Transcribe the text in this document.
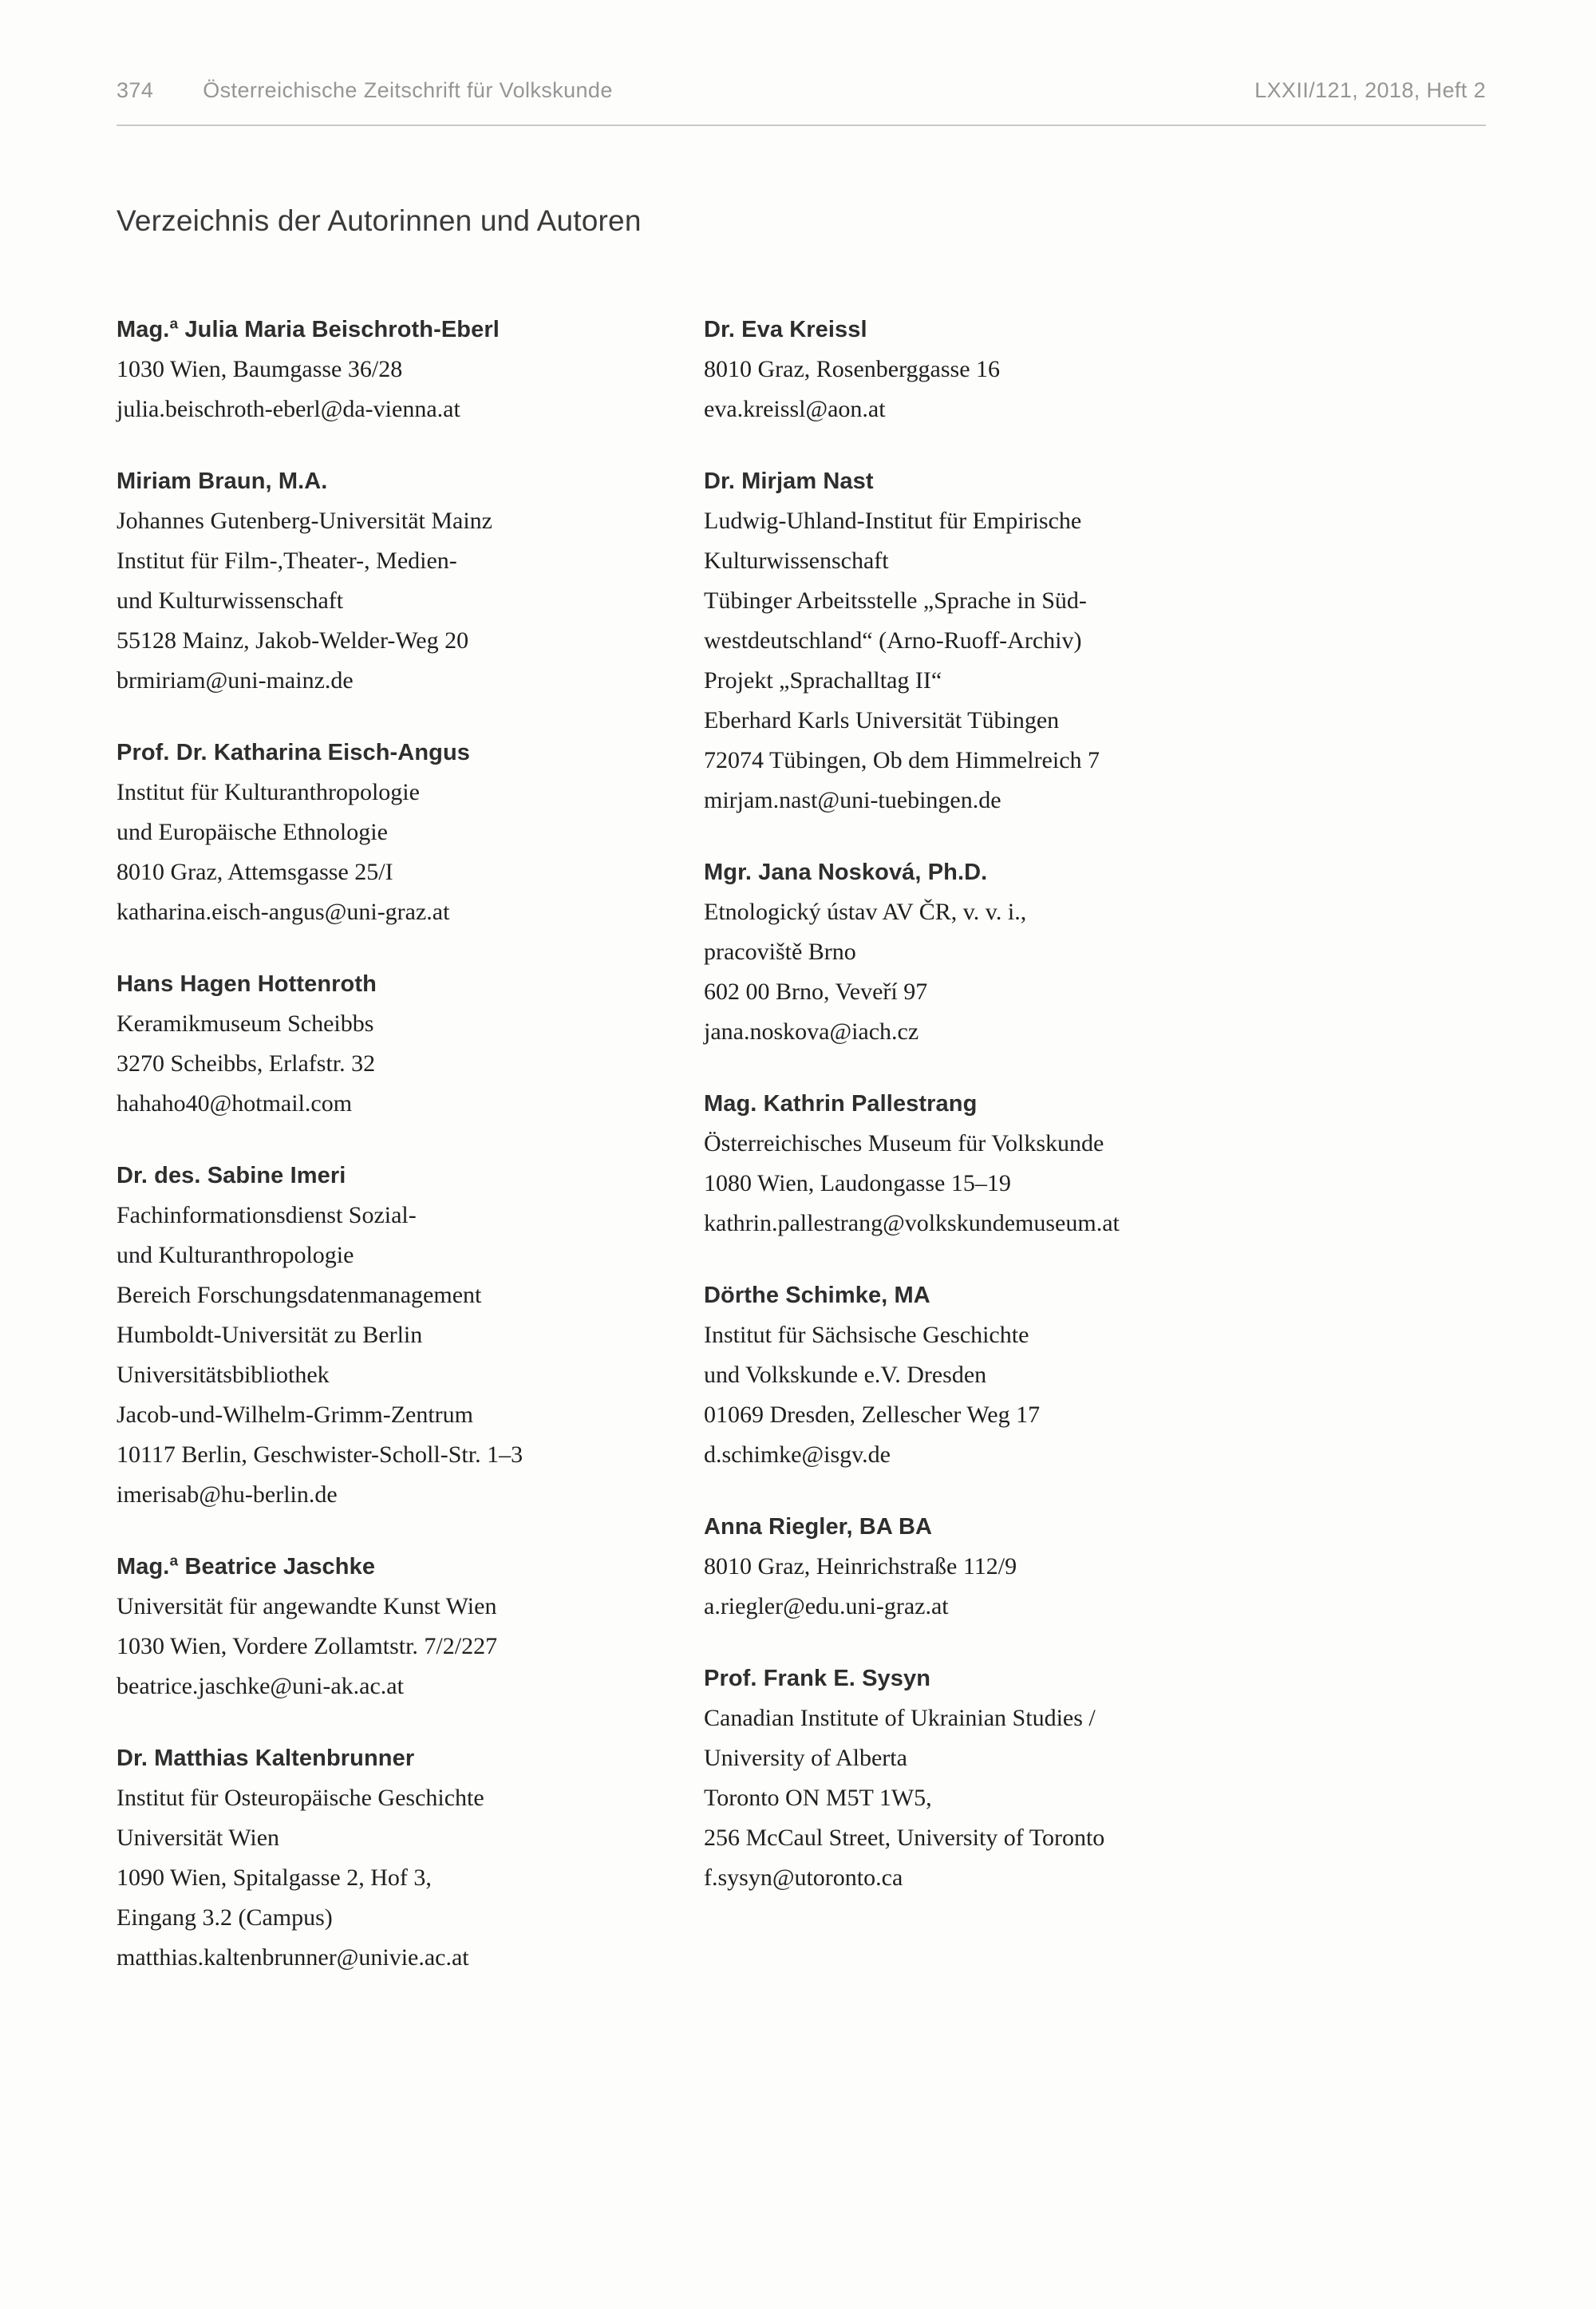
374 Österreichische Zeitschrift für Volkskunde	LXXII/121, 2018, Heft 2
Verzeichnis der Autorinnen und Autoren
Mag.ª Julia Maria Beischroth-Eberl
1030 Wien, Baumgasse 36/28
julia.beischroth-eberl@da-vienna.at
Miriam Braun, M.A.
Johannes Gutenberg-Universität Mainz
Institut für Film-,Theater-, Medien-
und Kulturwissenschaft
55128 Mainz, Jakob-Welder-Weg 20
brmiriam@uni-mainz.de
Prof. Dr. Katharina Eisch-Angus
Institut für Kulturanthropologie
und Europäische Ethnologie
8010 Graz, Attemsgasse 25/I
katharina.eisch-angus@uni-graz.at
Hans Hagen Hottenroth
Keramikmuseum Scheibbs
3270 Scheibbs, Erlafstr. 32
hahaho40@hotmail.com
Dr. des. Sabine Imeri
Fachinformationsdienst Sozial-
und Kulturanthropologie
Bereich Forschungsdatenmanagement
Humboldt-Universität zu Berlin
Universitätsbibliothek
Jacob-und-Wilhelm-Grimm-Zentrum
10117 Berlin, Geschwister-Scholl-Str. 1–3
imerisab@hu-berlin.de
Mag.ª Beatrice Jaschke
Universität für angewandte Kunst Wien
1030 Wien, Vordere Zollamtstr. 7/2/227
beatrice.jaschke@uni-ak.ac.at
Dr. Matthias Kaltenbrunner
Institut für Osteuropäische Geschichte
Universität Wien
1090 Wien, Spitalgasse 2, Hof 3,
Eingang 3.2 (Campus)
matthias.kaltenbrunner@univie.ac.at
Dr. Eva Kreissl
8010 Graz, Rosenberggasse 16
eva.kreissl@aon.at
Dr. Mirjam Nast
Ludwig-Uhland-Institut für Empirische
Kulturwissenschaft
Tübinger Arbeitsstelle „Sprache in Süd-
westdeutschland“ (Arno-Ruoff-Archiv)
Projekt „Sprachalltag II“
Eberhard Karls Universität Tübingen
72074 Tübingen, Ob dem Himmelreich 7
mirjam.nast@uni-tuebingen.de
Mgr. Jana Nosková, Ph.D.
Etnologický ústav AV ČR, v. v. i.,
pracoviště Brno
602 00 Brno, Veveří 97
jana.noskova@iach.cz
Mag. Kathrin Pallestrang
Österreichisches Museum für Volkskunde
1080 Wien, Laudongasse 15–19
kathrin.pallestrang@volkskundemuseum.at
Dörthe Schimke, MA
Institut für Sächsische Geschichte
und Volkskunde e.V. Dresden
01069 Dresden, Zellescher Weg 17
d.schimke@isgv.de
Anna Riegler, BA BA
8010 Graz, Heinrichstraße 112/9
a.riegler@edu.uni-graz.at
Prof. Frank E. Sysyn
Canadian Institute of Ukrainian Studies /
University of Alberta
Toronto ON M5T 1W5,
256 McCaul Street, University of Toronto
f.sysyn@utoronto.ca
